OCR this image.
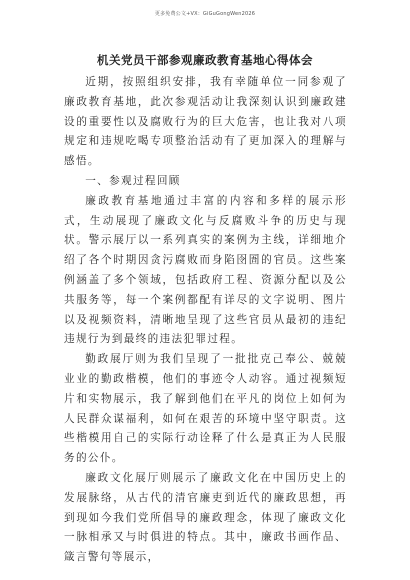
更多免费公文+VX：GiGuGongWen2026
机关党员干部参观廉政教育基地心得体会

近期，按照组织安排，我有幸随单位一同参观了廉政教育基地，此次参观活动让我深刻认识到廉政建设的重要性以及腐败行为的巨大危害，也让我对八项规定和违规吃喝专项整治活动有了更加深入的理解与感悟。

一、参观过程回顾

廉政教育基地通过丰富的内容和多样的展示形式，生动展现了廉政文化与反腐败斗争的历史与现状。警示展厅以一系列真实的案例为主线，详细地介绍了各个时期因贪污腐败而身陷囹圄的官员。这些案例涵盖了多个领域，包括政府工程、资源分配以及公共服务等，每一个案例都配有详尽的文字说明、图片以及视频资料，清晰地呈现了这些官员从最初的违纪违规行为到最终的违法犯罪过程。

勤政展厅则为我们呈现了一批批克己奉公、兢兢业业的勤政楷模，他们的事迹令人动容。通过视频短片和实物展示，我了解到他们在平凡的岗位上如何为人民群众谋福利，如何在艰苦的环境中坚守职责。这些楷模用自己的实际行动诠释了什么是真正为人民服务的公仆。

廉政文化展厅则展示了廉政文化在中国历史上的发展脉络，从古代的清官廉吏到近代的廉政思想，再到现如今我们党所倡导的廉政理念，体现了廉政文化一脉相承又与时俱进的特点。其中，廉政书画作品、箴言警句等展示，
